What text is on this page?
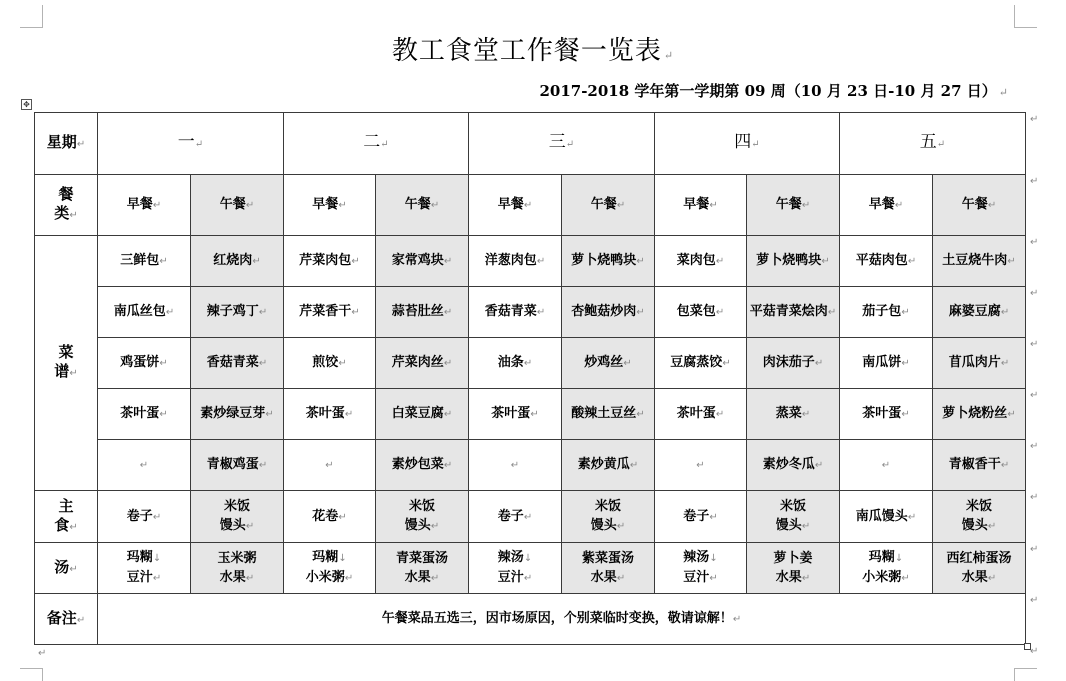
教工食堂工作餐一览表 ↵
2017-2018 学年第一学期第 09 周（10 月 23 日-10 月 27 日） ↵
✥
星期↵	一↵		二↵		三↵		四↵		五↵	

餐
类↵	早餐↵	午餐↵	早餐↵	午餐↵	早餐↵	午餐↵	早餐↵	午餐↵	早餐↵	午餐↵

菜
谱↵	三鲜包↵	红烧肉↵	芹菜肉包↵	家常鸡块↵	洋葱肉包↵	萝卜烧鸭块↵	菜肉包↵	萝卜烧鸭块↵	平菇肉包↵	土豆烧牛肉↵
	南瓜丝包↵	辣子鸡丁↵	芹菜香干↵	蒜苔肚丝↵	香菇青菜↵	杏鲍菇炒肉↵	包菜包↵	平菇青菜烩肉↵	茄子包↵	麻婆豆腐↵
	鸡蛋饼↵	香菇青菜↵	煎饺↵	芹菜肉丝↵	油条↵	炒鸡丝↵	豆腐蒸饺↵	肉沫茄子↵	南瓜饼↵	苜瓜肉片↵
	茶叶蛋↵	素炒绿豆芽↵	茶叶蛋↵	白菜豆腐↵	茶叶蛋↵	酸辣土豆丝↵	茶叶蛋↵	蒸菜↵	茶叶蛋↵	萝卜烧粉丝↵
	↵	青椒鸡蛋↵	↵	素炒包菜↵	↵	素炒黄瓜↵	↵	素炒冬瓜↵	↵	青椒香干↵

主
食↵	卷子↵	米饭
馒头↵	花卷↵	米饭
馒头↵	卷子↵	米饭
馒头↵	卷子↵	米饭
馒头↵	南瓜馒头↵	米饭
馒头↵

汤↵	玛糊↓
豆汁↵	玉米粥
水果↵	玛糊↓
小米粥↵	青菜蛋汤
水果↵	辣汤↓
豆汁↵	紫菜蛋汤
水果↵	辣汤↓
豆汁↵	萝卜姜
水果↵	玛糊↓
小米粥↵	西红柿蛋汤
水果↵

备注↵	午餐菜品五选三，因市场原因，个别菜临时变换，敬请谅解！↵									
↵
↵
↵
↵
↵
↵
↵
↵
↵
↵
↵
↵
